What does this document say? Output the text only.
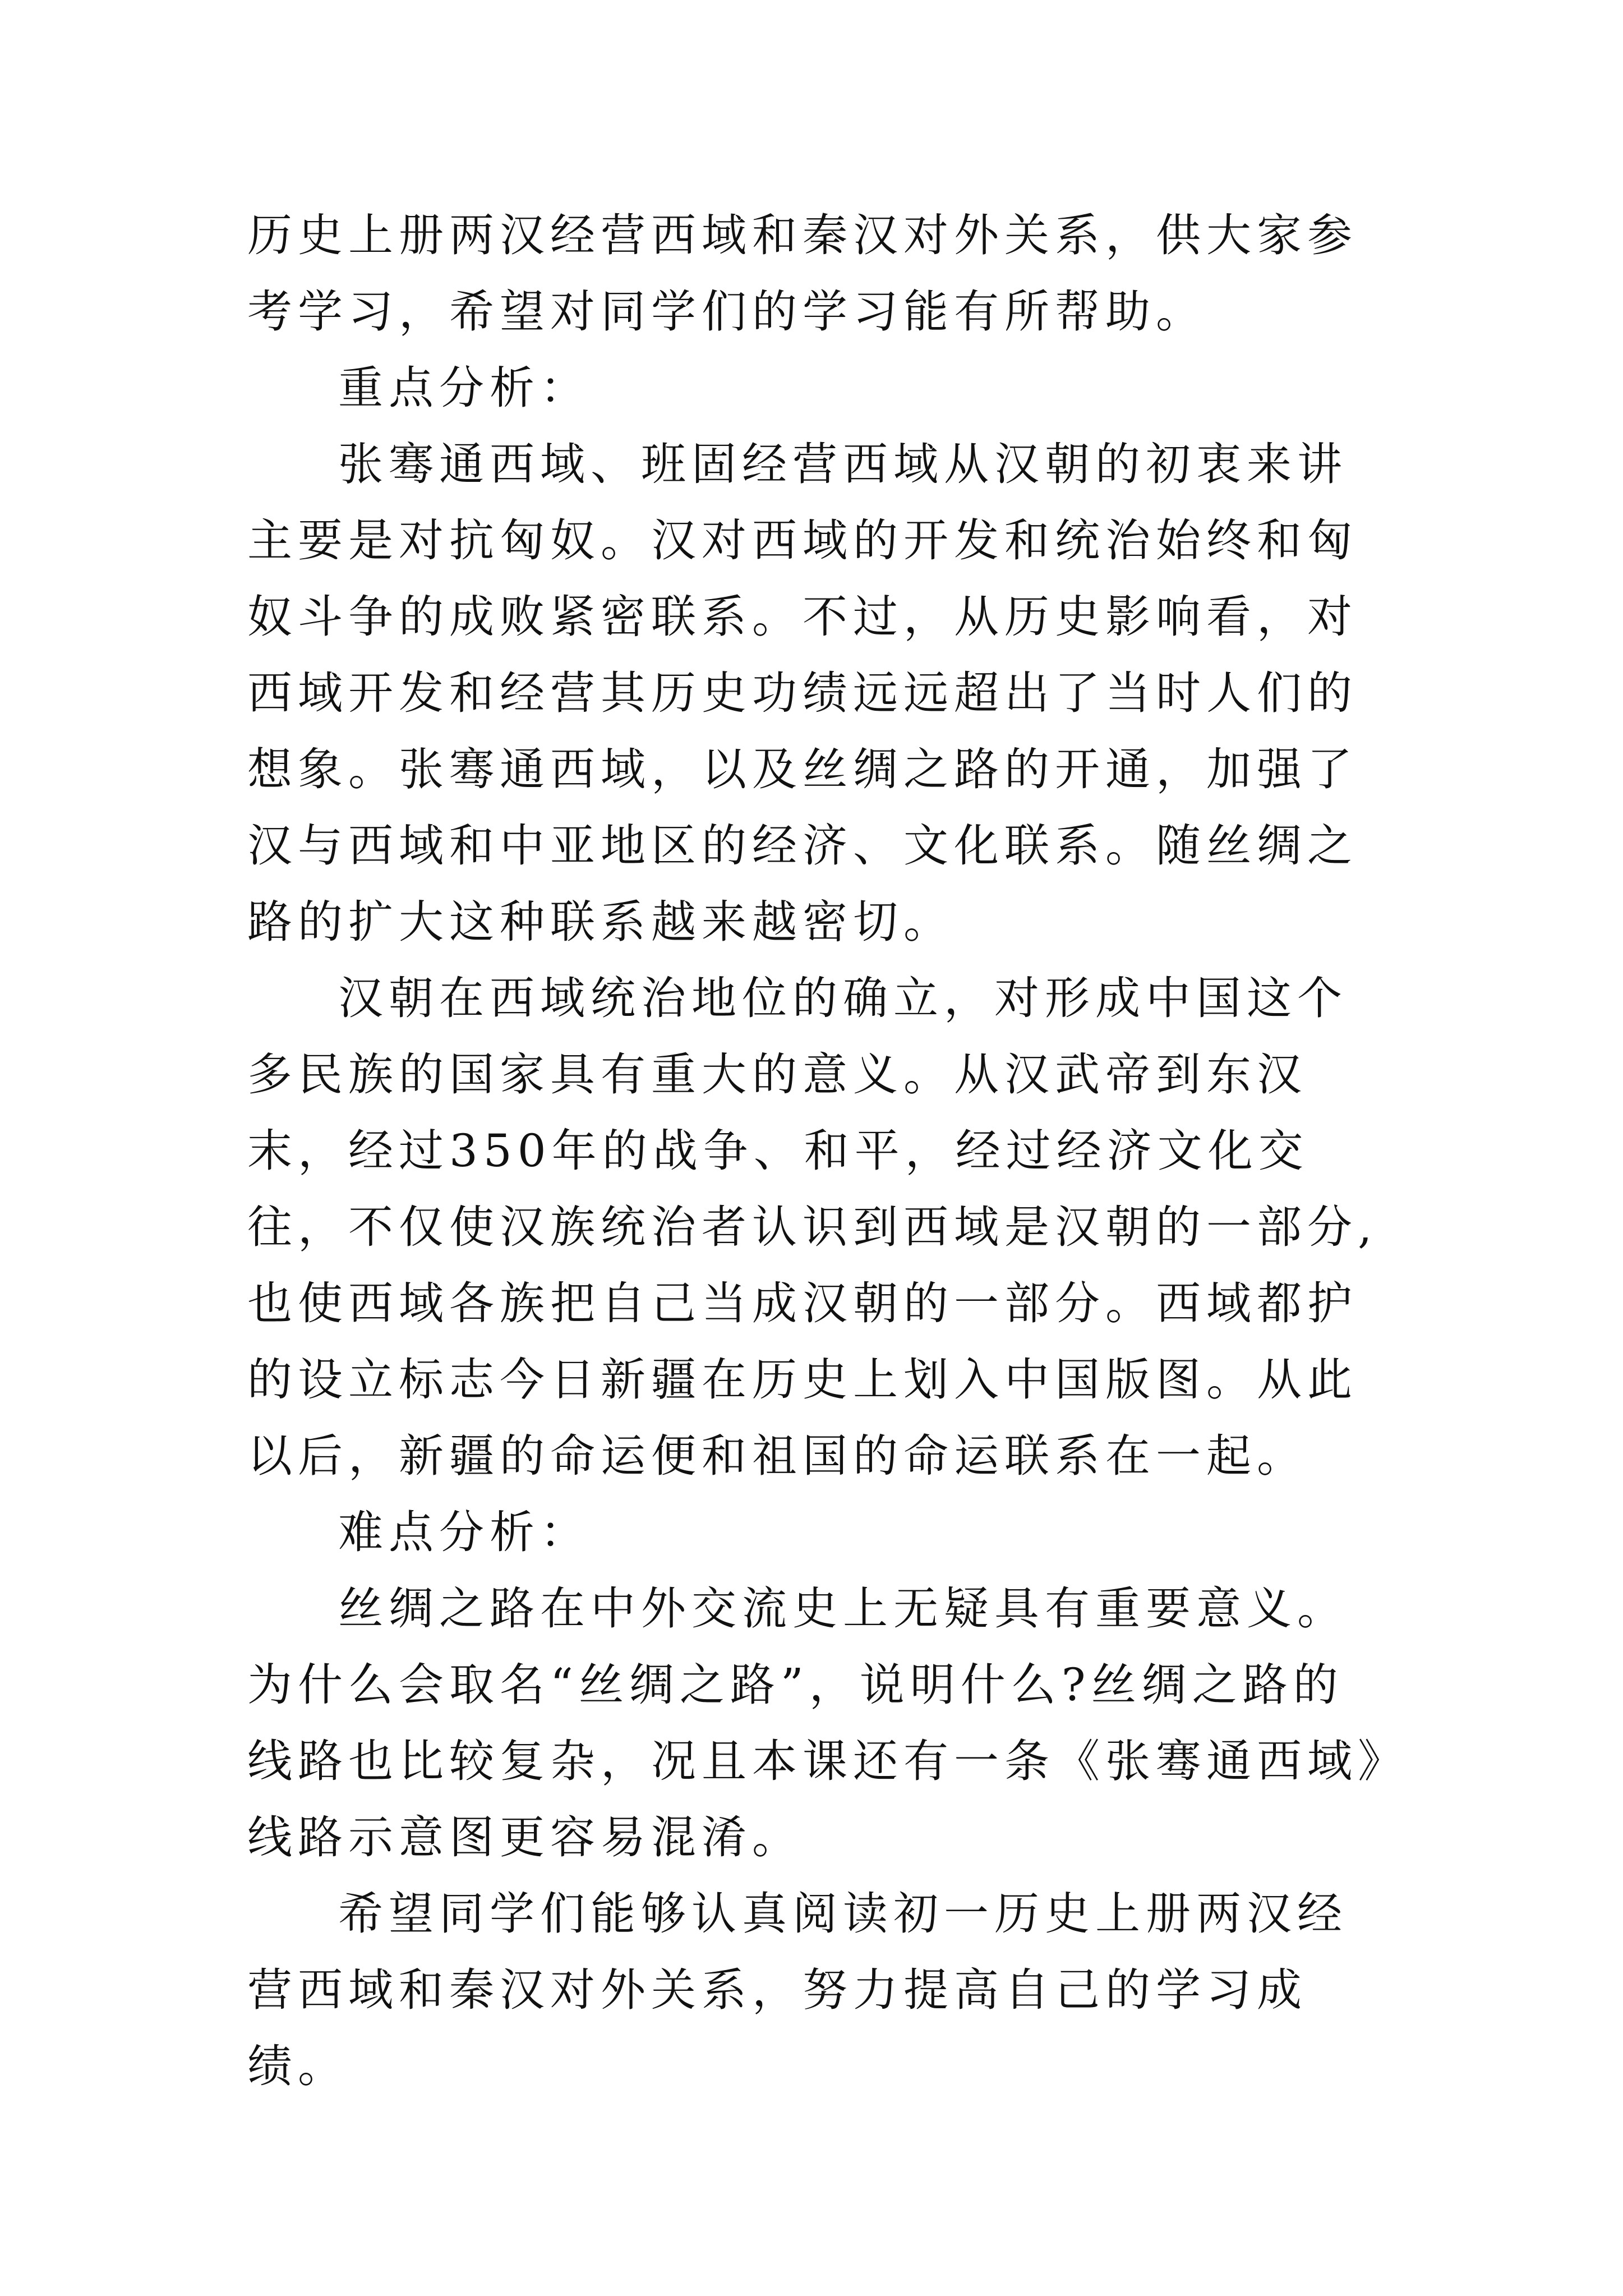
历史上册两汉经营西域和秦汉对外关系，供大家参考学习，希望对同学们的学习能有所帮助。

重点分析：

张骞通西域、班固经营西域从汉朝的初衷来讲主要是对抗匈奴。汉对西域的开发和统治始终和匈奴斗争的成败紧密联系。不过，从历史影响看，对西域开发和经营其历史功绩远远超出了当时人们的想象。张骞通西域，以及丝绸之路的开通，加强了汉与西域和中亚地区的经济、文化联系。随丝绸之路的扩大这种联系越来越密切。

汉朝在西域统治地位的确立，对形成中国这个多民族的国家具有重大的意义。从汉武帝到东汉末，经过350年的战争、和平，经过经济文化交往，不仅使汉族统治者认识到西域是汉朝的一部分,也使西域各族把自己当成汉朝的一部分。西域都护的设立标志今日新疆在历史上划入中国版图。从此以后，新疆的命运便和祖国的命运联系在一起。

难点分析：

丝绸之路在中外交流史上无疑具有重要意义。为什么会取名“丝绸之路”，说明什么?丝绸之路的线路也比较复杂，况且本课还有一条《张骞通西域》线路示意图更容易混淆。

希望同学们能够认真阅读初一历史上册两汉经营西域和秦汉对外关系，努力提高自己的学习成绩。
